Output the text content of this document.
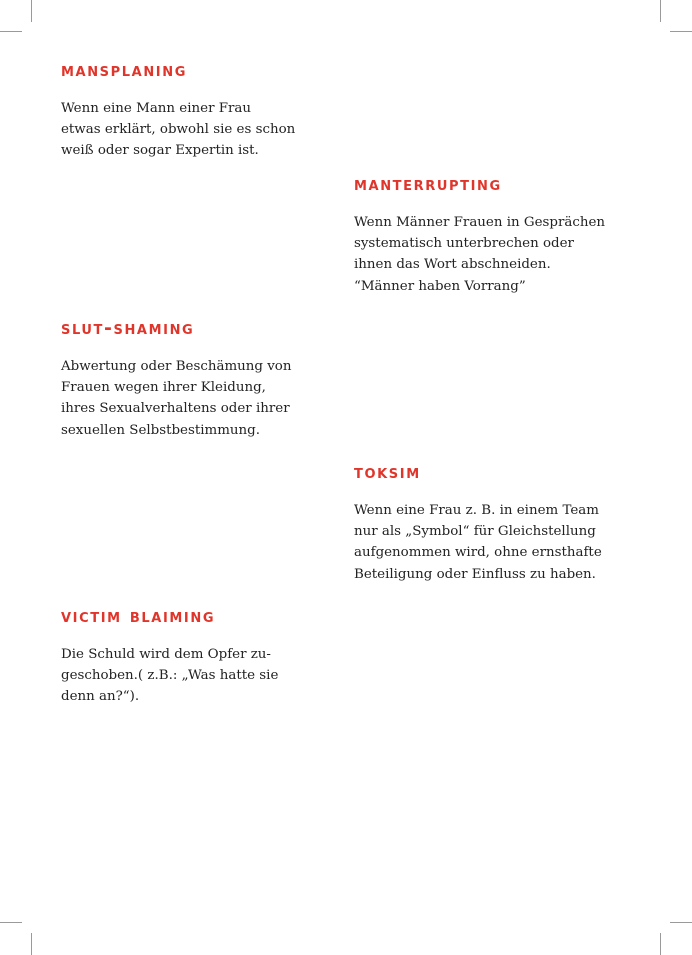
mansplaning

Wenn eine Mann einer Frau
etwas erklärt, obwohl sie es schon
weiß oder sogar Expertin ist.

manterrupting

Wenn Männer Frauen in Gesprächen
systematisch unterbrechen oder
ihnen das Wort abschneiden.
“Männer haben Vorrang”

slut-shaming

Abwertung oder Beschämung von
Frauen wegen ihrer Kleidung,
ihres Sexualverhaltens oder ihrer
sexuellen Selbstbestimmung.

toksim

Wenn eine Frau z. B. in einem Team
nur als „Symbol“ für Gleichstellung
aufgenommen wird, ohne ernsthafte
Beteiligung oder Einfluss zu haben.

victim blaiming

Die Schuld wird dem Opfer zu-
geschoben.( z.B.: „Was hatte sie
denn an?“).
